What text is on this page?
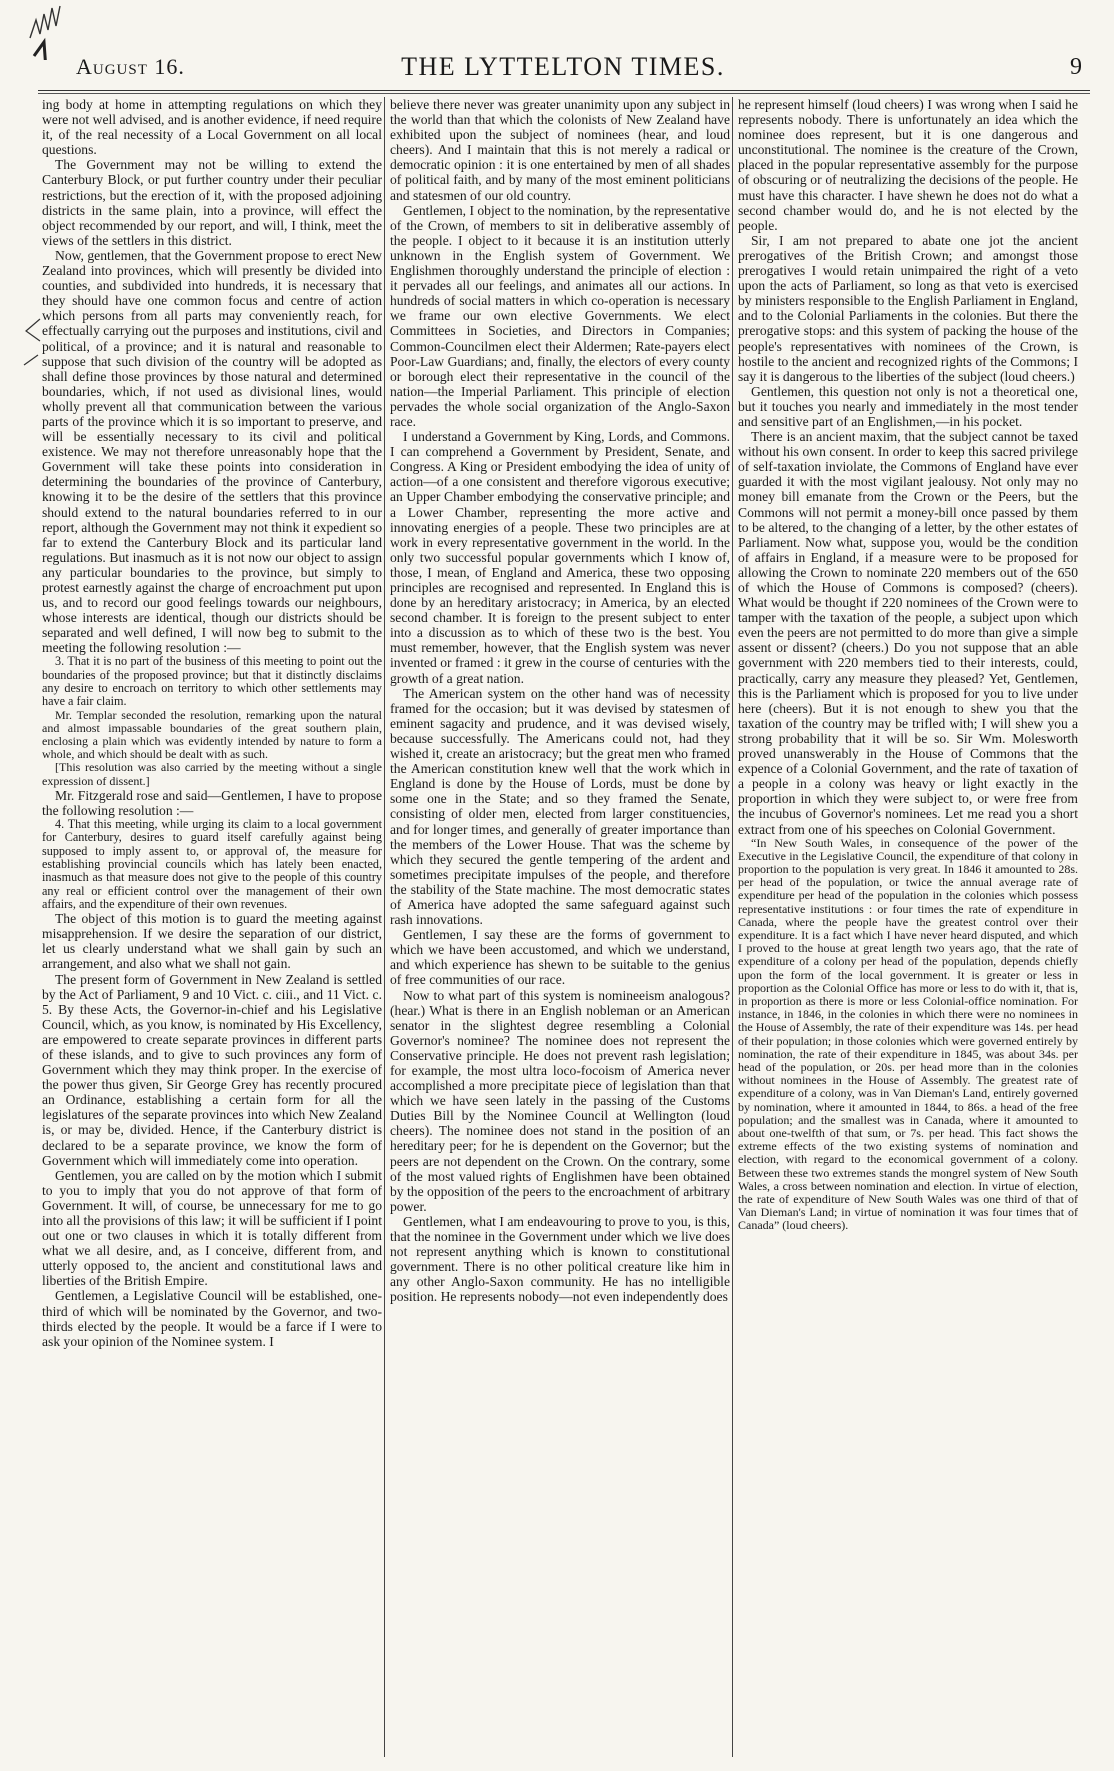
August 16.	THE LYTTELTON TIMES.	9

ing body at home in attempting regulations on which they were not well advised, and is another evidence, if need require it, of the real necessity of a Local Government on all local questions.

The Government may not be willing to extend the Canterbury Block, or put further country under their peculiar restrictions, but the erection of it, with the proposed adjoining districts in the same plain, into a province, will effect the object recommended by our report, and will, I think, meet the views of the settlers in this district.

Now, gentlemen, that the Government propose to erect New Zealand into provinces, which will presently be divided into counties, and subdivided into hundreds, it is necessary that they should have one common focus and centre of action which persons from all parts may conveniently reach, for effectually carrying out the purposes and institutions, civil and political, of a province; and it is natural and reasonable to suppose that such division of the country will be adopted as shall define those provinces by those natural and determined boundaries, which, if not used as divisional lines, would wholly prevent all that communication between the various parts of the province which it is so important to preserve, and will be essentially necessary to its civil and political existence. We may not therefore unreasonably hope that the Government will take these points into consideration in determining the boundaries of the province of Canterbury, knowing it to be the desire of the settlers that this province should extend to the natural boundaries referred to in our report, although the Government may not think it expedient so far to extend the Canterbury Block and its particular land regulations. But inasmuch as it is not now our object to assign any particular boundaries to the province, but simply to protest earnestly against the charge of encroachment put upon us, and to record our good feelings towards our neighbours, whose interests are identical, though our districts should be separated and well defined, I will now beg to submit to the meeting the following resolution :—

3. That it is no part of the business of this meeting to point out the boundaries of the proposed province; but that it distinctly disclaims any desire to encroach on territory to which other settlements may have a fair claim.

Mr. Templar seconded the resolution, remarking upon the natural and almost impassable boundaries of the great southern plain, enclosing a plain which was evidently intended by nature to form a whole, and which should be dealt with as such.

[This resolution was also carried by the meeting without a single expression of dissent.]

Mr. Fitzgerald rose and said—Gentlemen, I have to propose the following resolution :—

4. That this meeting, while urging its claim to a local government for Canterbury, desires to guard itself carefully against being supposed to imply assent to, or approval of, the measure for establishing provincial councils which has lately been enacted, inasmuch as that measure does not give to the people of this country any real or efficient control over the management of their own affairs, and the expenditure of their own revenues.

The object of this motion is to guard the meeting against misapprehension. If we desire the separation of our district, let us clearly understand what we shall gain by such an arrangement, and also what we shall not gain.

The present form of Government in New Zealand is settled by the Act of Parliament, 9 and 10 Vict. c. ciii., and 11 Vict. c. 5. By these Acts, the Governor-in-chief and his Legislative Council, which, as you know, is nominated by His Excellency, are empowered to create separate provinces in different parts of these islands, and to give to such provinces any form of Government which they may think proper. In the exercise of the power thus given, Sir George Grey has recently procured an Ordinance, establishing a certain form for all the legislatures of the separate provinces into which New Zealand is, or may be, divided. Hence, if the Canterbury district is declared to be a separate province, we know the form of Government which will immediately come into operation.

Gentlemen, you are called on by the motion which I submit to you to imply that you do not approve of that form of Government. It will, of course, be unnecessary for me to go into all the provisions of this law; it will be sufficient if I point out one or two clauses in which it is totally different from what we all desire, and, as I conceive, different from, and utterly opposed to, the ancient and constitutional laws and liberties of the British Empire.

Gentlemen, a Legislative Council will be established, one-third of which will be nominated by the Governor, and two-thirds elected by the people. It would be a farce if I were to ask your opinion of the Nominee system. I

believe there never was greater unanimity upon any subject in the world than that which the colonists of New Zealand have exhibited upon the subject of nominees (hear, and loud cheers). And I maintain that this is not merely a radical or democratic opinion : it is one entertained by men of all shades of political faith, and by many of the most eminent politicians and statesmen of our old country.

Gentlemen, I object to the nomination, by the representative of the Crown, of members to sit in deliberative assembly of the people. I object to it because it is an institution utterly unknown in the English system of Government. We Englishmen thoroughly understand the principle of election : it pervades all our feelings, and animates all our actions. In hundreds of social matters in which co-operation is necessary we frame our own elective Governments. We elect Committees in Societies, and Directors in Companies; Common-Councilmen elect their Aldermen; Rate-payers elect Poor-Law Guardians; and, finally, the electors of every county or borough elect their representative in the council of the nation—the Imperial Parliament. This principle of election pervades the whole social organization of the Anglo-Saxon race.

I understand a Government by King, Lords, and Commons. I can comprehend a Government by President, Senate, and Congress. A King or President embodying the idea of unity of action—of a one consistent and therefore vigorous executive; an Upper Chamber embodying the conservative principle; and a Lower Chamber, representing the more active and innovating energies of a people. These two principles are at work in every representative government in the world. In the only two successful popular governments which I know of, those, I mean, of England and America, these two opposing principles are recognised and represented. In England this is done by an hereditary aristocracy; in America, by an elected second chamber. It is foreign to the present subject to enter into a discussion as to which of these two is the best. You must remember, however, that the English system was never invented or framed : it grew in the course of centuries with the growth of a great nation.

The American system on the other hand was of necessity framed for the occasion; but it was devised by statesmen of eminent sagacity and prudence, and it was devised wisely, because successfully. The Americans could not, had they wished it, create an aristocracy; but the great men who framed the American constitution knew well that the work which in England is done by the House of Lords, must be done by some one in the State; and so they framed the Senate, consisting of older men, elected from larger constituencies, and for longer times, and generally of greater importance than the members of the Lower House. That was the scheme by which they secured the gentle tempering of the ardent and sometimes precipitate impulses of the people, and therefore the stability of the State machine. The most democratic states of America have adopted the same safeguard against such rash innovations.

Gentlemen, I say these are the forms of government to which we have been accustomed, and which we understand, and which experience has shewn to be suitable to the genius of free communities of our race.

Now to what part of this system is nomineeism analogous? (hear.) What is there in an English nobleman or an American senator in the slightest degree resembling a Colonial Governor's nominee? The nominee does not represent the Conservative principle. He does not prevent rash legislation; for example, the most ultra loco-focoism of America never accomplished a more precipitate piece of legislation than that which we have seen lately in the passing of the Customs Duties Bill by the Nominee Council at Wellington (loud cheers). The nominee does not stand in the position of an hereditary peer; for he is dependent on the Governor; but the peers are not dependent on the Crown. On the contrary, some of the most valued rights of Englishmen have been obtained by the opposition of the peers to the encroachment of arbitrary power.

Gentlemen, what I am endeavouring to prove to you, is this, that the nominee in the Government under which we live does not represent anything which is known to constitutional government. There is no other political creature like him in any other Anglo-Saxon community. He has no intelligible position. He represents nobody—not even independently does

he represent himself (loud cheers) I was wrong when I said he represents nobody. There is unfortunately an idea which the nominee does represent, but it is one dangerous and unconstitutional. The nominee is the creature of the Crown, placed in the popular representative assembly for the purpose of obscuring or of neutralizing the decisions of the people. He must have this character. I have shewn he does not do what a second chamber would do, and he is not elected by the people.

Sir, I am not prepared to abate one jot the ancient prerogatives of the British Crown; and amongst those prerogatives I would retain unimpaired the right of a veto upon the acts of Parliament, so long as that veto is exercised by ministers responsible to the English Parliament in England, and to the Colonial Parliaments in the colonies. But there the prerogative stops: and this system of packing the house of the people's representatives with nominees of the Crown, is hostile to the ancient and recognized rights of the Commons; I say it is dangerous to the liberties of the subject (loud cheers.)

Gentlemen, this question not only is not a theoretical one, but it touches you nearly and immediately in the most tender and sensitive part of an Englishmen,—in his pocket.

There is an ancient maxim, that the subject cannot be taxed without his own consent. In order to keep this sacred privilege of self-taxation inviolate, the Commons of England have ever guarded it with the most vigilant jealousy. Not only may no money bill emanate from the Crown or the Peers, but the Commons will not permit a money-bill once passed by them to be altered, to the changing of a letter, by the other estates of Parliament. Now what, suppose you, would be the condition of affairs in England, if a measure were to be proposed for allowing the Crown to nominate 220 members out of the 650 of which the House of Commons is composed? (cheers). What would be thought if 220 nominees of the Crown were to tamper with the taxation of the people, a subject upon which even the peers are not permitted to do more than give a simple assent or dissent? (cheers.) Do you not suppose that an able government with 220 members tied to their interests, could, practically, carry any measure they pleased? Yet, Gentlemen, this is the Parliament which is proposed for you to live under here (cheers). But it is not enough to shew you that the taxation of the country may be trifled with; I will shew you a strong probability that it will be so. Sir Wm. Molesworth proved unanswerably in the House of Commons that the expence of a Colonial Government, and the rate of taxation of a people in a colony was heavy or light exactly in the proportion in which they were subject to, or were free from the incubus of Governor's nominees. Let me read you a short extract from one of his speeches on Colonial Government.

“In New South Wales, in consequence of the power of the Executive in the Legislative Council, the expenditure of that colony in proportion to the population is very great. In 1846 it amounted to 28s. per head of the population, or twice the annual average rate of expenditure per head of the population in the colonies which possess representative institutions : or four times the rate of expenditure in Canada, where the people have the greatest control over their expenditure. It is a fact which I have never heard disputed, and which I proved to the house at great length two years ago, that the rate of expenditure of a colony per head of the population, depends chiefly upon the form of the local government. It is greater or less in proportion as the Colonial Office has more or less to do with it, that is, in proportion as there is more or less Colonial-office nomination. For instance, in 1846, in the colonies in which there were no nominees in the House of Assembly, the rate of their expenditure was 14s. per head of their population; in those colonies which were governed entirely by nomination, the rate of their expenditure in 1845, was about 34s. per head of the population, or 20s. per head more than in the colonies without nominees in the House of Assembly. The greatest rate of expenditure of a colony, was in Van Dieman's Land, entirely governed by nomination, where it amounted in 1844, to 86s. a head of the free population; and the smallest was in Canada, where it amounted to about one-twelfth of that sum, or 7s. per head. This fact shows the extreme effects of the two existing systems of nomination and election, with regard to the economical government of a colony. Between these two extremes stands the mongrel system of New South Wales, a cross between nomination and election. In virtue of election, the rate of expenditure of New South Wales was one third of that of Van Dieman's Land; in virtue of nomination it was four times that of Canada” (loud cheers).
